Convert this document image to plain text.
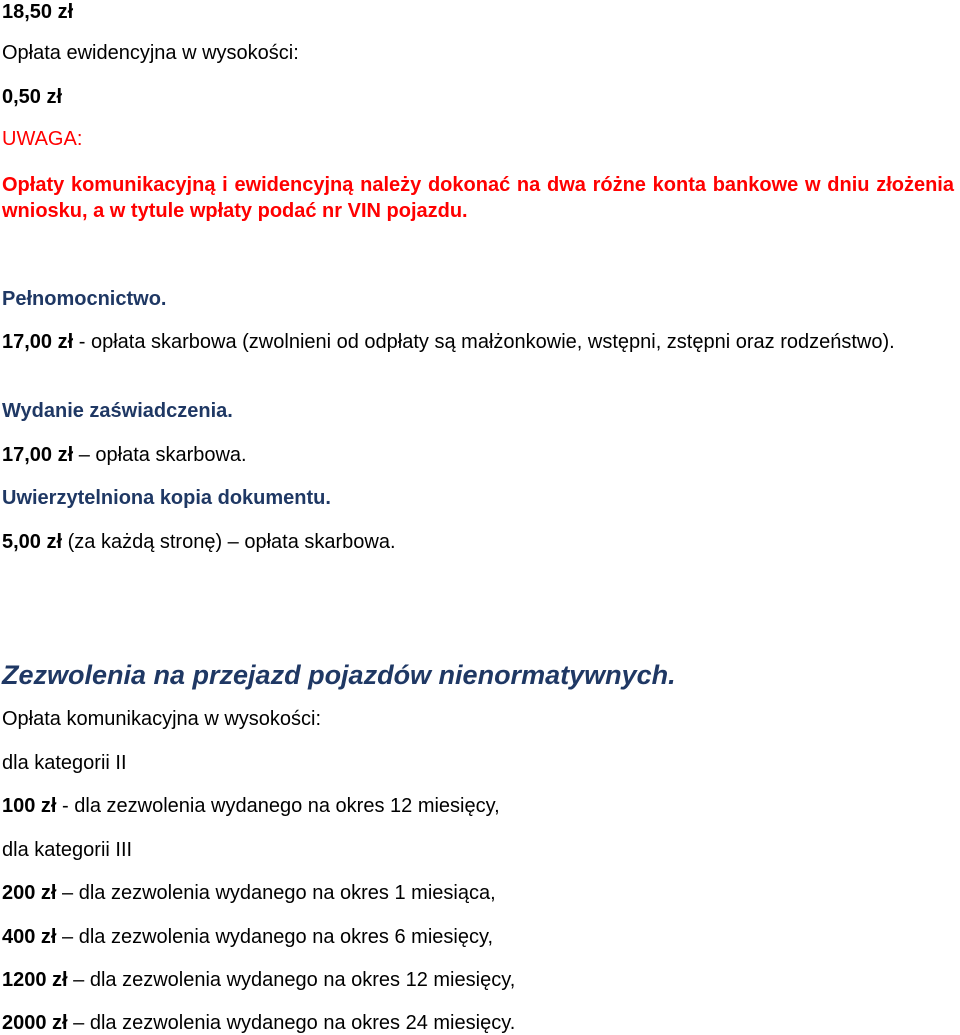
18,50 zł
Opłata ewidencyjna w wysokości:
0,50 zł
UWAGA:
Opłaty komunikacyjną i ewidencyjną należy dokonać na dwa różne konta bankowe w dniu złożenia wniosku, a w tytule wpłaty podać nr VIN pojazdu.
Pełnomocnictwo.
17,00 zł - opłata skarbowa (zwolnieni od odpłaty są małżonkowie, wstępni, zstępni oraz rodzeństwo).
Wydanie zaświadczenia.
17,00 zł – opłata skarbowa.
Uwierzytelniona kopia dokumentu.
5,00 zł (za każdą stronę) – opłata skarbowa.
Zezwolenia na przejazd pojazdów nienormatywnych.
Opłata komunikacyjna w wysokości:
dla kategorii II
100 zł - dla zezwolenia wydanego na okres 12 miesięcy,
dla kategorii III
200 zł – dla zezwolenia wydanego na okres 1 miesiąca,
400 zł – dla zezwolenia wydanego na okres 6 miesięcy,
1200 zł – dla zezwolenia wydanego na okres 12 miesięcy,
2000 zł – dla zezwolenia wydanego na okres 24 miesięcy.
